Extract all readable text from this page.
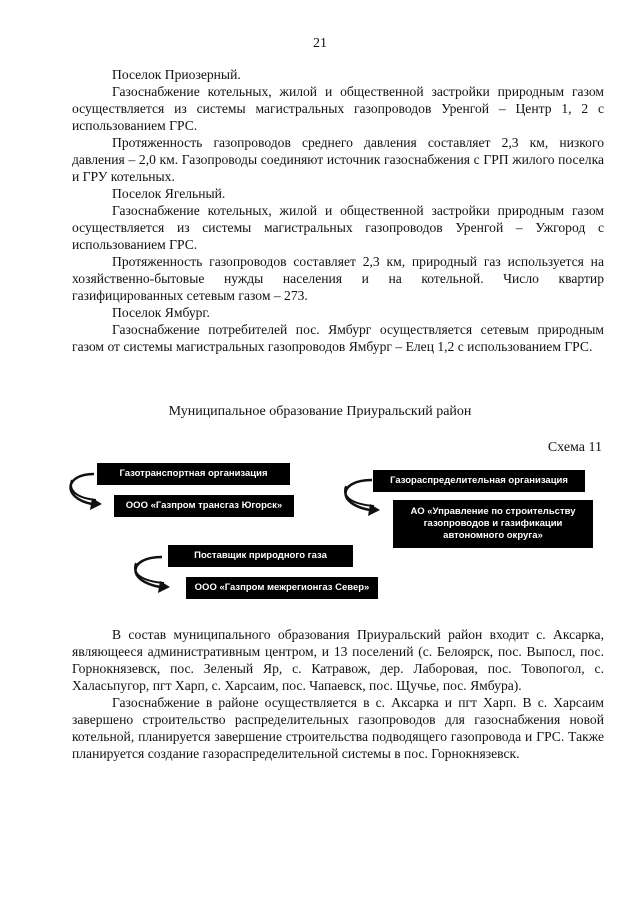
21

Поселок Приозерный.

Газоснабжение котельных, жилой и общественной застройки природным газом осуществляется из системы магистральных газопроводов Уренгой – Центр 1, 2 с использованием ГРС.

Протяженность газопроводов среднего давления составляет 2,3 км, низкого давления – 2,0 км. Газопроводы соединяют источник газоснабжения с ГРП жилого поселка и ГРУ котельных.

Поселок Ягельный.

Газоснабжение котельных, жилой и общественной застройки природным газом осуществляется из системы магистральных газопроводов Уренгой – Ужгород с использованием ГРС.

Протяженность газопроводов составляет 2,3 км, природный газ используется на хозяйственно-бытовые нужды населения и на котельной. Число квартир газифицированных сетевым газом – 273.

Поселок Ямбург.

Газоснабжение потребителей пос. Ямбург осуществляется сетевым природным газом от системы магистральных газопроводов Ямбург – Елец 1,2 с использованием ГРС.

Муниципальное образование Приуральский район
Схема 11
Газотранспортная организация
ООО «Газпром трансгаз Югорск»
Газораспределительная организация
АО «Управление по строительству газопроводов и газификации автономного округа»
Поставщик природного газа
ООО «Газпром межрегионгаз Север»

В состав муниципального образования Приуральский район входит с. Аксарка, являющееся административным центром, и 13 поселений (с. Белоярск, пос. Выпосл, пос. Горнокнязевск, пос. Зеленый Яр, с. Катравож, дер. Лаборовая, пос. Товопогол, с. Халасьпугор, пгт Харп, с. Харсаим, пос. Чапаевск, пос. Щучье, пос. Ямбура).

Газоснабжение в районе осуществляется в с. Аксарка и пгт Харп. В с. Харсаим завершено строительство распределительных газопроводов для газоснабжения новой котельной, планируется завершение строительства подводящего газопровода и ГРС. Также планируется создание газораспределительной системы в пос. Горнокнязевск.
